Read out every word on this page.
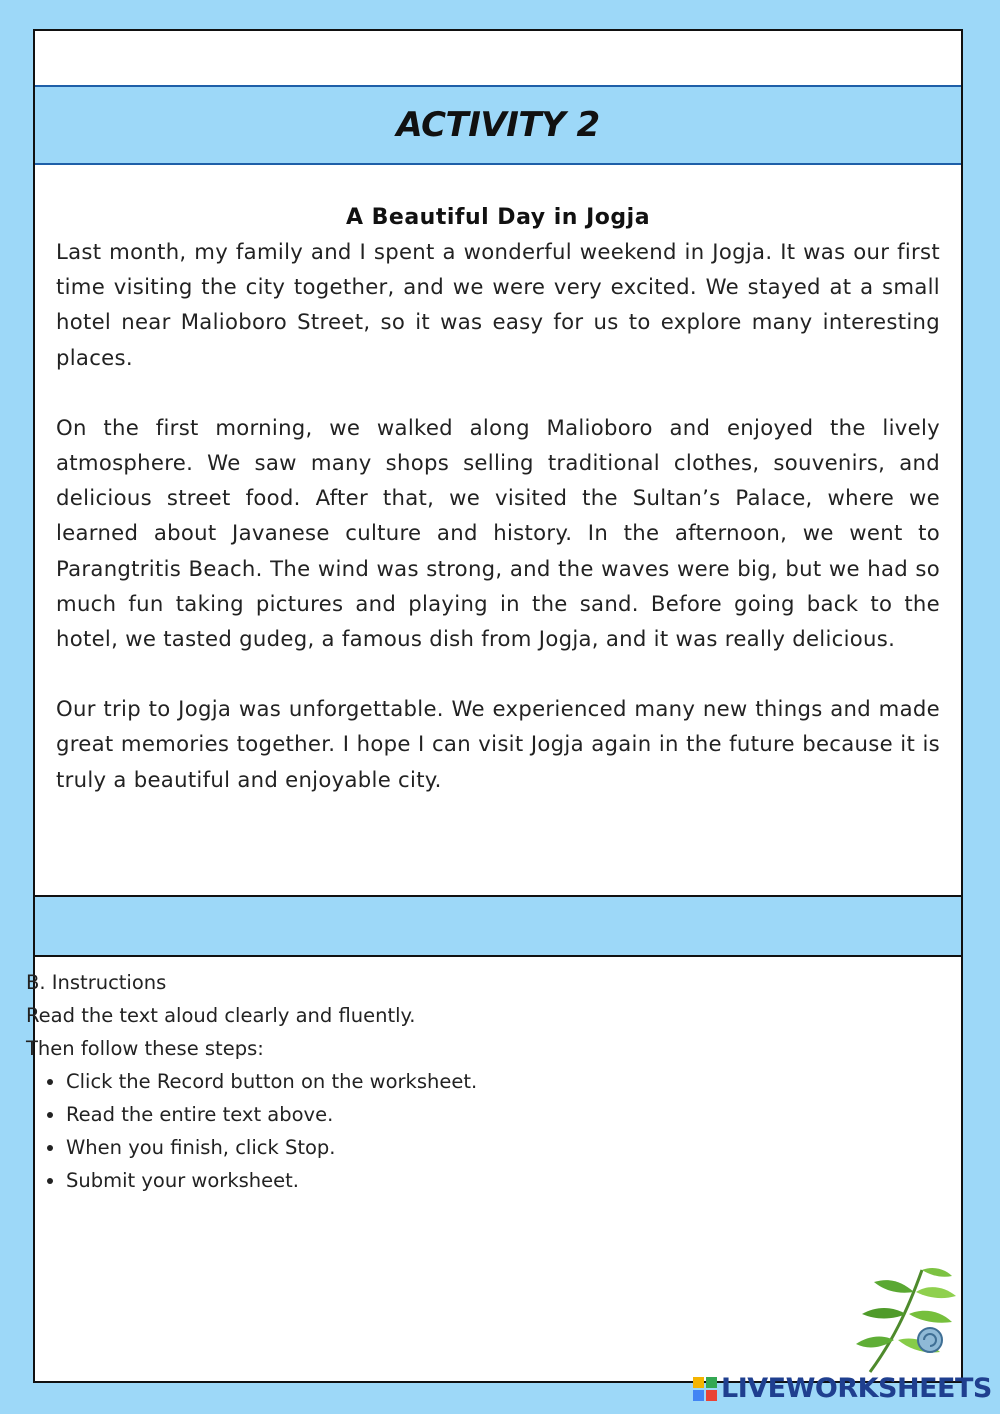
ACTIVITY 2

A Beautiful Day in Jogja

Last month, my family and I spent a wonderful weekend in Jogja. It was our first time visiting the city together, and we were very excited. We stayed at a small hotel near Malioboro Street, so it was easy for us to explore many interesting places.

On the first morning, we walked along Malioboro and enjoyed the lively atmosphere. We saw many shops selling traditional clothes, souvenirs, and delicious street food. After that, we visited the Sultan’s Palace, where we learned about Javanese culture and history. In the afternoon, we went to Parangtritis Beach. The wind was strong, and the waves were big, but we had so much fun taking pictures and playing in the sand. Before going back to the hotel, we tasted gudeg, a famous dish from Jogja, and it was really delicious.

Our trip to Jogja was unforgettable. We experienced many new things and made great memories together. I hope I can visit Jogja again in the future because it is truly a beautiful and enjoyable city.

B. Instructions

Read the text aloud clearly and fluently.

Then follow these steps:

• Click the Record button on the worksheet.
• Read the entire text above.
• When you finish, click Stop.
• Submit your worksheet.
LIVEWORKSHEETS
